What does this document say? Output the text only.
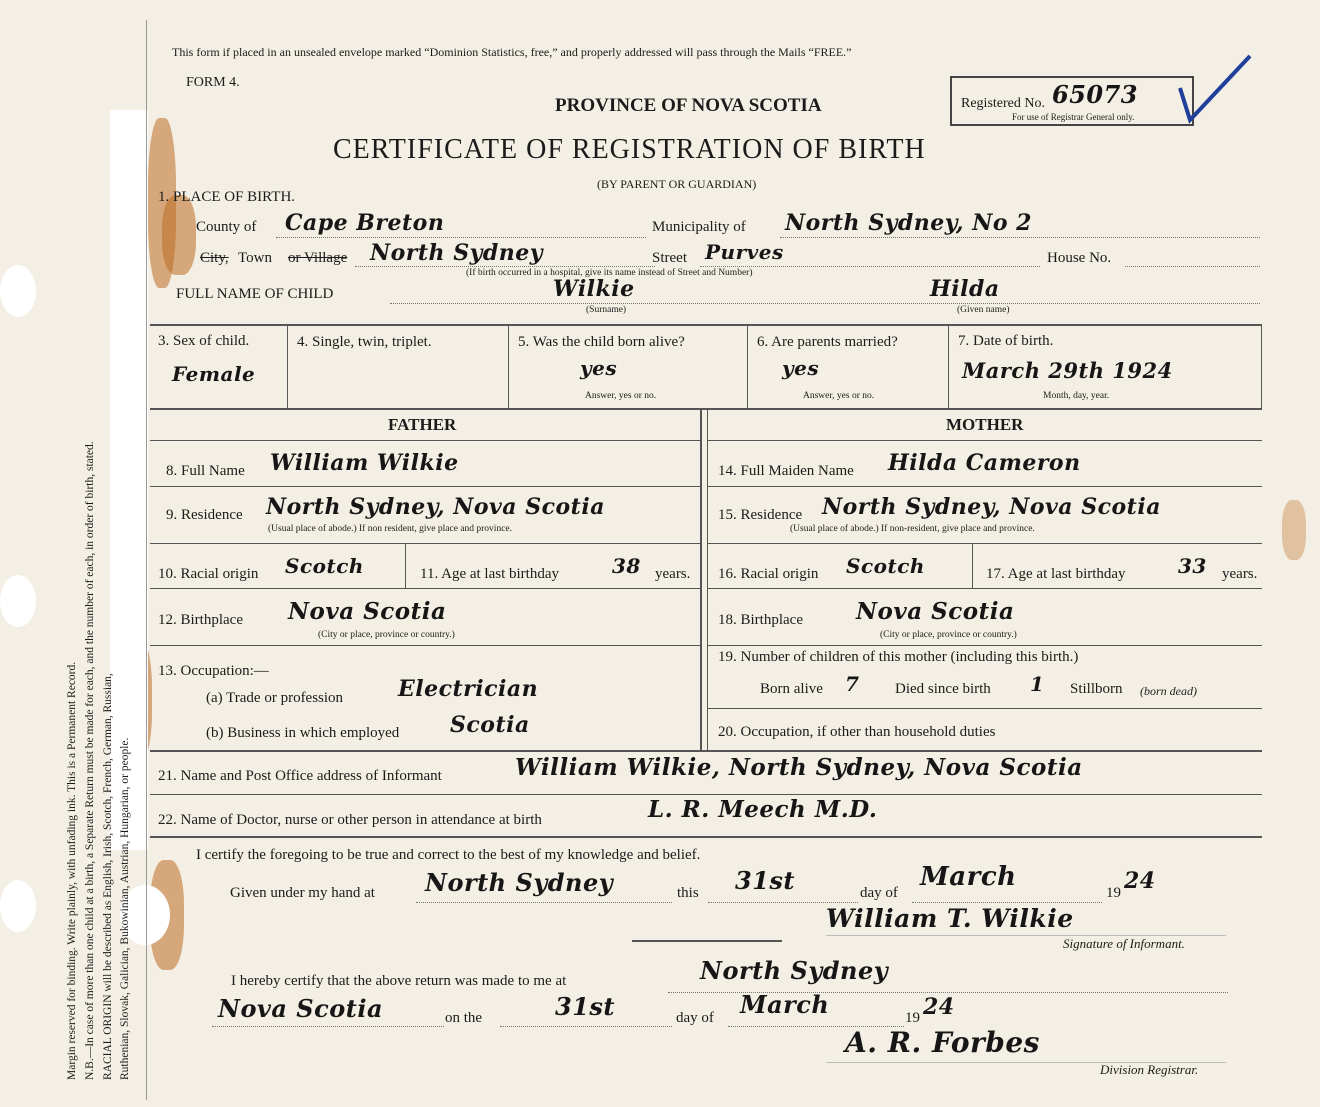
Margin reserved for binding. Write plainly, with unfading ink. This is a Permanent Record. N.B.—In case of more than one child at a birth, a Separate Return must be made for each, and the number of each, in order of birth, stated. RACIAL ORIGIN will be described as English, Irish, Scotch, French, German, Russian, Ruthenian, Slovak, Galician, Bukowinian, Austrian, Hungarian, or people.
This form if placed in an unsealed envelope marked “Dominion Statistics, free,” and properly addressed will pass through the Mails “FREE.”
FORM 4.
PROVINCE OF NOVA SCOTIA	Registered No. 65073
For use of Registrar General only.
CERTIFICATE OF REGISTRATION OF BIRTH
(BY PARENT OR GUARDIAN)
1. PLACE OF BIRTH.
County of Cape Breton	Municipality of North Sydney, No 2
City, Town or Village North Sydney	Street Purves	House No.
(If birth occurred in a hospital, give its name instead of Street and Number)
FULL NAME OF CHILD	Wilkie
(Surname)
Hilda
(Given name)
3. Sex of child.
Female
4. Single, twin, triplet.	5. Was the child born alive?
yes
Answer, yes or no.
6. Are parents married?
yes
Answer, yes or no.
7. Date of birth.
March 29th 1924
Month, day, year.
FATHER	MOTHER
8. Full Name William Wilkie
9. Residence North Sydney, Nova Scotia
(Usual place of abode.) If non resident, give place and province.
10. Racial origin Scotch	11. Age at last birthday	38 years.
12. Birthplace Nova Scotia
(City or place, province or country.)
13. Occupation:—
(a) Trade or profession Electrician
(b) Business in which employed Scotia
14. Full Maiden Name Hilda Cameron
15. Residence North Sydney, Nova Scotia
(Usual place of abode.) If non-resident, give place and province.
16. Racial origin Scotch	17. Age at last birthday	33 years.
18. Birthplace Nova Scotia
(City or place, province or country.)
19. Number of children of this mother (including this birth.)
Born alive 7 Died since birth 1 Stillborn (born dead)
20. Occupation, if other than household duties
21. Name and Post Office address of Informant	William Wilkie, North Sydney, Nova Scotia
22. Name of Doctor, nurse or other person in attendance at birth	L. R. Meech M.D.
I certify the foregoing to be true and correct to the best of my knowledge and belief.
Given under my hand at North Sydney	this 31st	day of
March
19 24
William T. Wilkie
Signature of Informant.
I hereby certify that the above return was made to me at	North Sydney
Nova Scotia	on the	31st	day of March	19 24
A. R. Forbes
Division Registrar.
